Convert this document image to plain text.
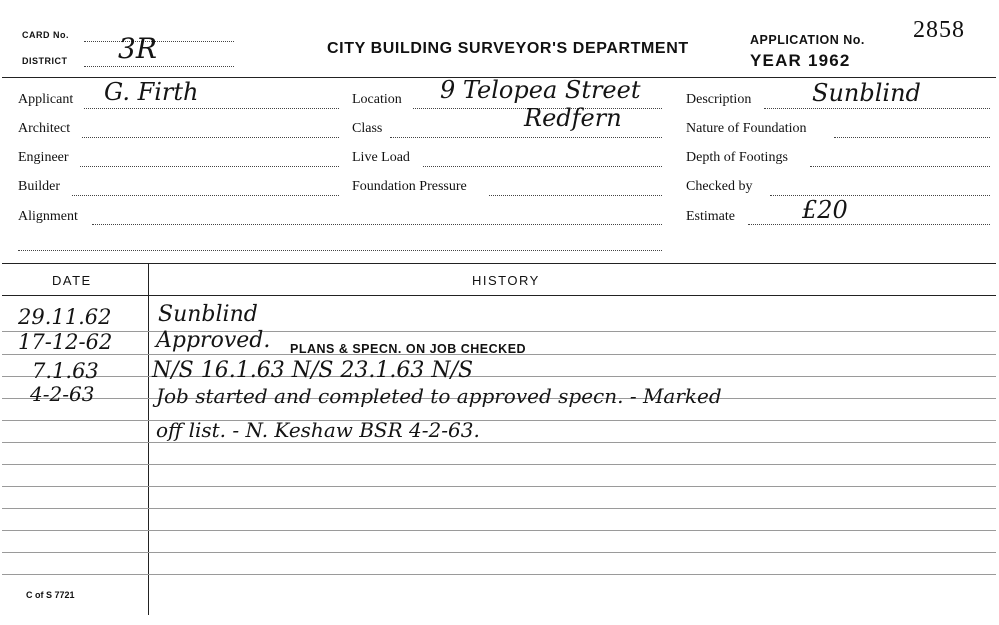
CARD No.
DISTRICT 3R	CITY BUILDING SURVEYOR'S DEPARTMENT	APPLICATION No. 2858
YEAR 1962
Applicant G. Firth
Architect
Engineer
Builder
Alignment
Location 9 Telopea Street
Class	Redfern
Live Load
Foundation Pressure
Description	Sunblind
Nature of Foundation
Depth of Footings
Checked by
Estimate	£20
DATE	HISTORY
29.11.62 Sunblind
17-12-62 Approved. PLANS & SPECN. ON JOB CHECKED
7.1.63 N/S 16.1.63 N/S 23.1.63 N/S
4-2-63	Job started and completed to approved specn. - Marked
off list. - N. Keshaw BSR 4-2-63.
C of S 7721
